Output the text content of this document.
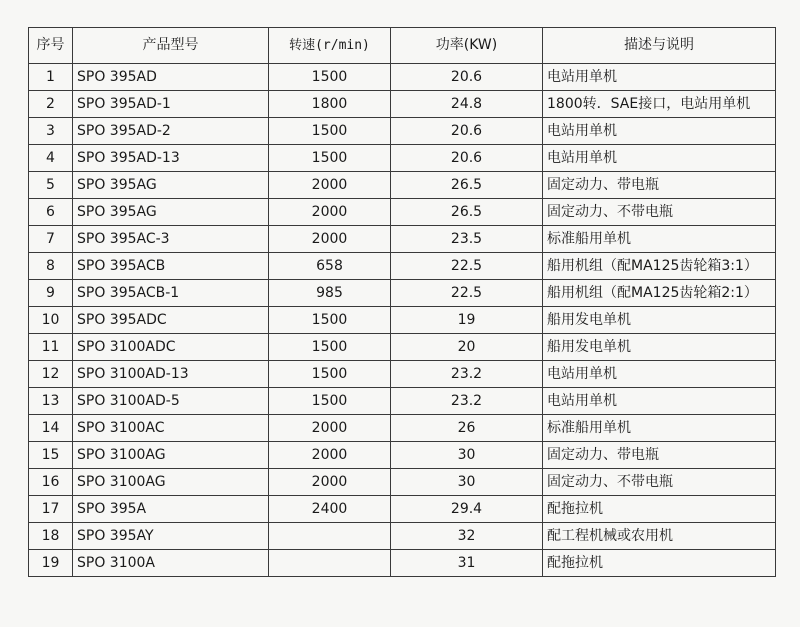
序号	产品型号	转速(r/min)	功率(KW)	描述与说明
1	SPO 395AD	1500	20.6	电站用单机
2	SPO 395AD-1	1800	24.8	1800转．SAE接口，电站用单机
3	SPO 395AD-2	1500	20.6	电站用单机
4	SPO 395AD-13	1500	20.6	电站用单机
5	SPO 395AG	2000	26.5	固定动力、带电瓶
6	SPO 395AG	2000	26.5	固定动力、不带电瓶
7	SPO 395AC-3	2000	23.5	标准船用单机
8	SPO 395ACB	658	22.5	船用机组（配MA125齿轮箱3:1）
9	SPO 395ACB-1	985	22.5	船用机组（配MA125齿轮箱2:1）
10	SPO 395ADC	1500	19	船用发电单机
11	SPO 3100ADC	1500	20	船用发电单机
12	SPO 3100AD-13	1500	23.2	电站用单机
13	SPO 3100AD-5	1500	23.2	电站用单机
14	SPO 3100AC	2000	26	标准船用单机
15	SPO 3100AG	2000	30	固定动力、带电瓶
16	SPO 3100AG	2000	30	固定动力、不带电瓶
17	SPO 395A	2400	29.4	配拖拉机
18	SPO 395AY		32	配工程机械或农用机
19	SPO 3100A		31	配拖拉机
